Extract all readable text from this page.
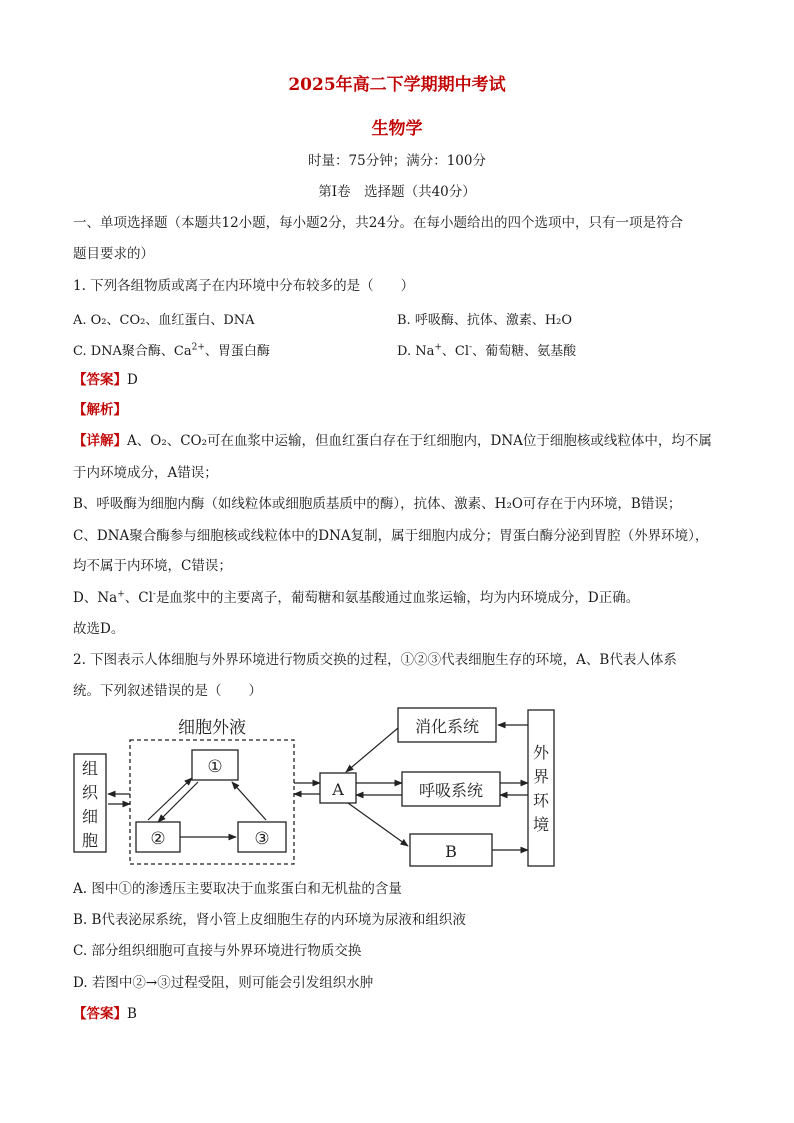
2025年高二下学期期中考试
生物学
时量：75分钟；满分：100分
第Ⅰ卷　选择题（共40分）
一、单项选择题（本题共12小题，每小题2分，共24分。在每小题给出的四个选项中，只有一项是符合
题目要求的）
1. 下列各组物质或离子在内环境中分布较多的是（　　）
A. O₂、CO₂、血红蛋白、DNA	B. 呼吸酶、抗体、激素、H₂O
C. DNA聚合酶、$Ca^{2+}$、胃蛋白酶	D. Na+、Cl-、葡萄糖、氨基酸
【答案】D
【解析】
【详解】A、O₂、CO₂可在血浆中运输，但血红蛋白存在于红细胞内，DNA位于细胞核或线粒体中，均不属
于内环境成分，A错误；
B、呼吸酶为细胞内酶（如线粒体或细胞质基质中的酶），抗体、激素、H₂O可存在于内环境，B错误；
C、DNA聚合酶参与细胞核或线粒体中的DNA复制，属于细胞内成分；胃蛋白酶分泌到胃腔（外界环境），
均不属于内环境，C错误；
D、Na+、Cl-是血浆中的主要离子，葡萄糖和氨基酸通过血浆运输，均为内环境成分，D正确。
故选D。
2. 下图表示人体细胞与外界环境进行物质交换的过程，①②③代表细胞生存的环境，A、B代表人体系
统。下列叙述错误的是（　　）
组
织
细
胞
细胞外液
①
②	③
A
消化系统
呼吸系统
B
外
界
环
境
A. 图中①的渗透压主要取决于血浆蛋白和无机盐的含量
B. B代表泌尿系统，肾小管上皮细胞生存的内环境为尿液和组织液
C. 部分组织细胞可直接与外界环境进行物质交换
D. 若图中②→③过程受阻，则可能会引发组织水肿
【答案】B
